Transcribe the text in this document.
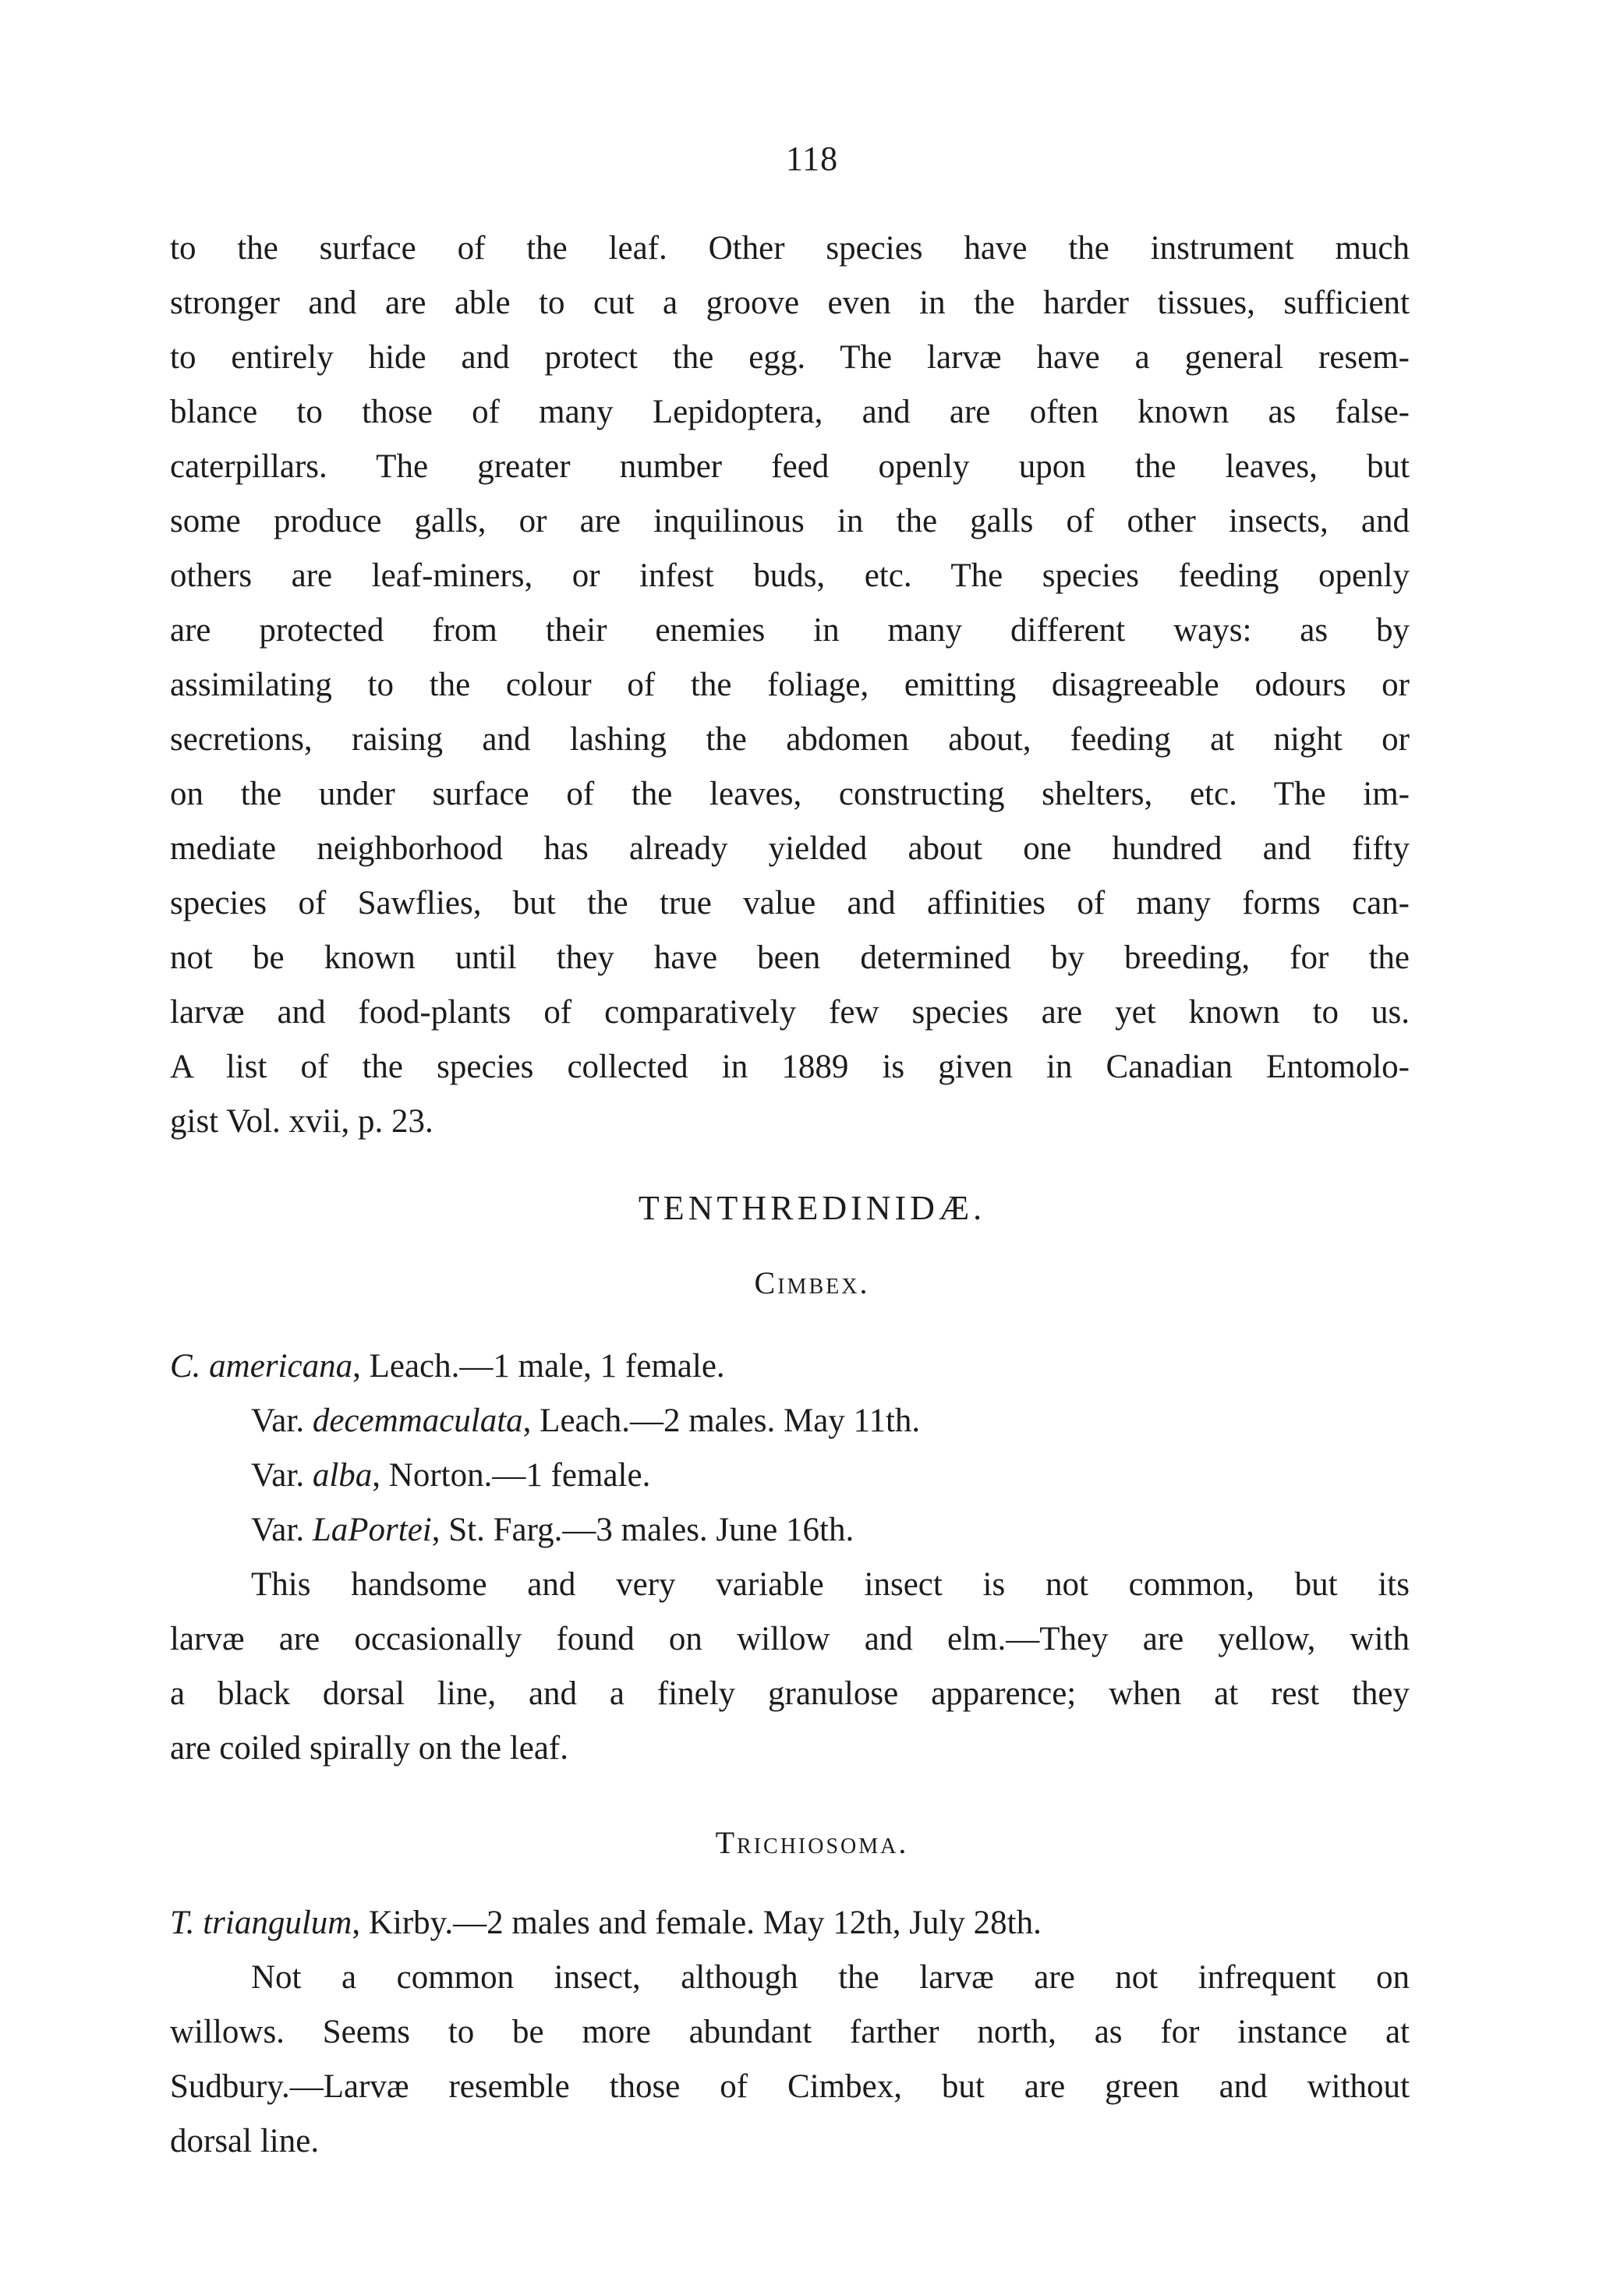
118
to the surface of the leaf. Other species have the instrument much
stronger and are able to cut a groove even in the harder tissues, sufficient
to entirely hide and protect the egg. The larvæ have a general resem-
blance to those of many Lepidoptera, and are often known as false-
caterpillars. The greater number feed openly upon the leaves, but
some produce galls, or are inquilinous in the galls of other insects, and
others are leaf-miners, or infest buds, etc. The species feeding openly
are protected from their enemies in many different ways: as by
assimilating to the colour of the foliage, emitting disagreeable odours or
secretions, raising and lashing the abdomen about, feeding at night or
on the under surface of the leaves, constructing shelters, etc. The im-
mediate neighborhood has already yielded about one hundred and fifty
species of Sawflies, but the true value and affinities of many forms can-
not be known until they have been determined by breeding, for the
larvæ and food-plants of comparatively few species are yet known to us.
A list of the species collected in 1889 is given in Canadian Entomolo-
gist Vol. xvii, p. 23.
TENTHREDINIDÆ.
Cimbex.
C. americana, Leach.—1 male, 1 female.
Var. decemmaculata, Leach.—2 males. May 11th.
Var. alba, Norton.—1 female.
Var. LaPortei, St. Farg.—3 males. June 16th.
This handsome and very variable insect is not common, but its
larvæ are occasionally found on willow and elm.—They are yellow, with
a black dorsal line, and a finely granulose apparence; when at rest they
are coiled spirally on the leaf.
Trichiosoma.
T. triangulum, Kirby.—2 males and female. May 12th, July 28th.
Not a common insect, although the larvæ are not infrequent on
willows. Seems to be more abundant farther north, as for instance at
Sudbury.—Larvæ resemble those of Cimbex, but are green and without
dorsal line.
